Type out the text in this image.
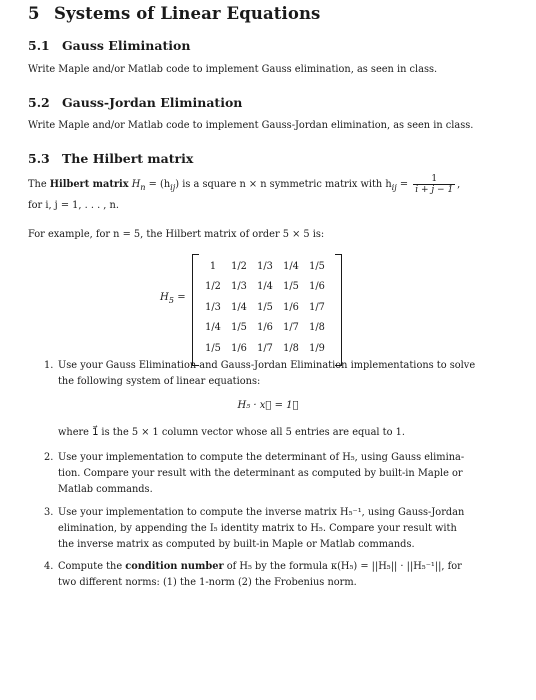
5 Systems of Linear Equations
5.1 Gauss Elimination

Write Maple and/or Matlab code to implement Gauss elimination, as seen in class.

5.2 Gauss-Jordan Elimination

Write Maple and/or Matlab code to implement Gauss-Jordan elimination, as seen in class.

5.3 The Hilbert matrix

The Hilbert matrix $H_n = (h_{ij})$ is a square n × n symmetric matrix with $h_{ij} = \frac{1}{i + j - 1}$ ,

for i, j = 1, . . . , n.

For example, for n = 5, the Hilbert matrix of order 5 × 5 is:

$H_5$ =
1	1/2	1/3	1/4	1/5
1/2	1/3	1/4	1/5	1/6
1/3	1/4	1/5	1/6	1/7
1/4	1/5	1/6	1/7	1/8
1/5	1/6	1/7	1/8	1/9
1. Use your Gauss Elimination and Gauss-Jordan Elimination implementations to solve
the following system of linear equations:

H₅ · x⃗ = 1⃗

where 1⃗ is the 5 × 1 column vector whose all 5 entries are equal to 1.

2. Use your implementation to compute the determinant of H₅, using Gauss elimina-
tion. Compare your result with the determinant as computed by built-in Maple or
Matlab commands.

3. Use your implementation to compute the inverse matrix H₅⁻¹, using Gauss-Jordan
elimination, by appending the I₅ identity matrix to H₅. Compare your result with
the inverse matrix as computed by built-in Maple or Matlab commands.

4. Compute the condition number of H₅ by the formula κ(H₅) = ||H₅|| · ||H₅⁻¹||, for
two different norms: (1) the 1-norm (2) the Frobenius norm.
